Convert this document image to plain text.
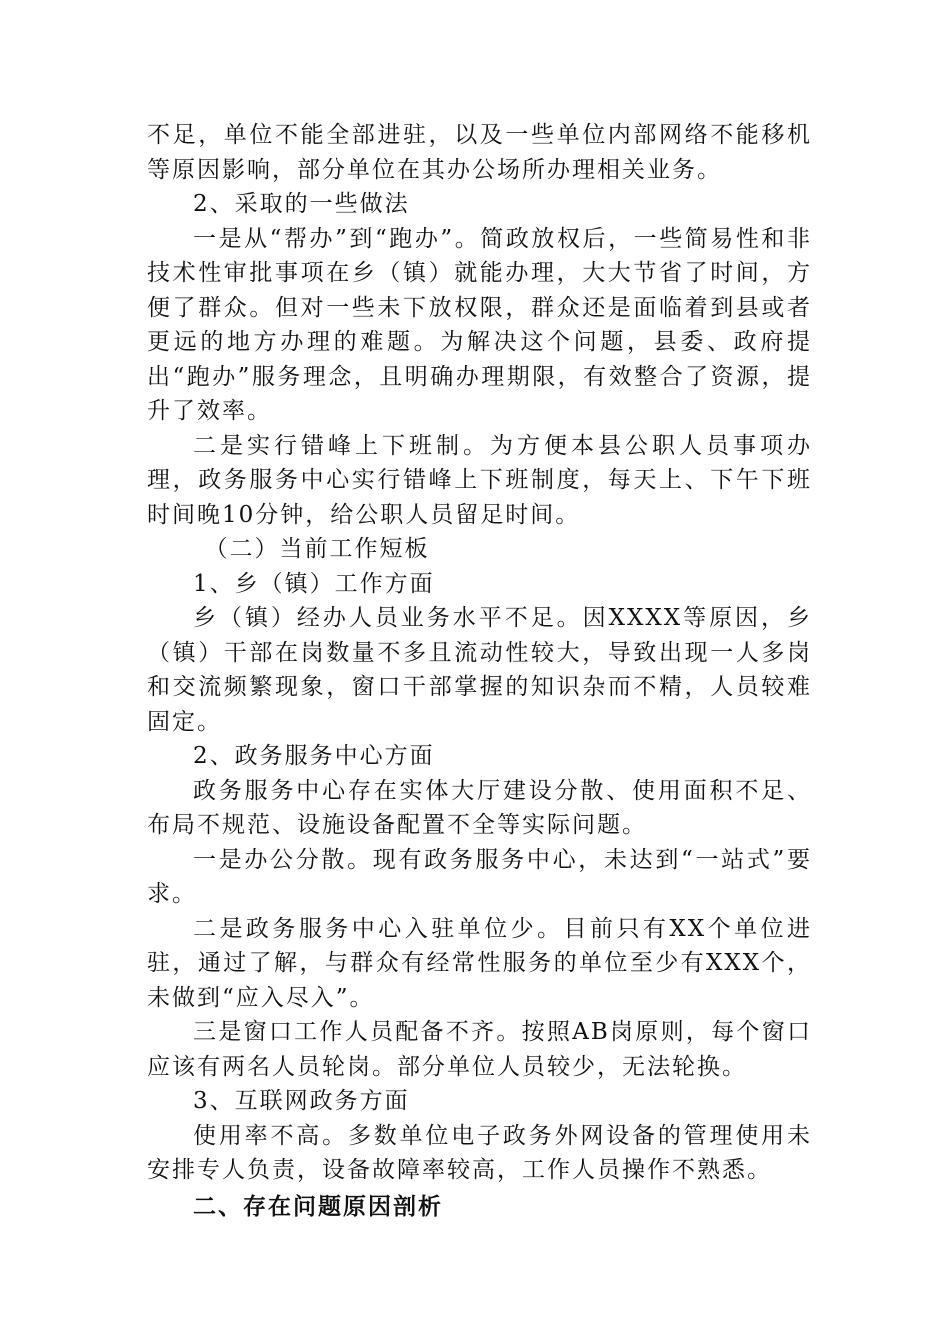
不足，单位不能全部进驻，以及一些单位内部网络不能移机等原因影响，部分单位在其办公场所办理相关业务。

2、采取的一些做法

一是从“帮办”到“跑办”。简政放权后，一些简易性和非技术性审批事项在乡（镇）就能办理，大大节省了时间，方便了群众。但对一些未下放权限，群众还是面临着到县或者更远的地方办理的难题。为解决这个问题，县委、政府提出“跑办”服务理念，且明确办理期限，有效整合了资源，提升了效率。

二是实行错峰上下班制。为方便本县公职人员事项办理，政务服务中心实行错峰上下班制度，每天上、下午下班时间晚10分钟，给公职人员留足时间。

（二）当前工作短板

1、乡（镇）工作方面

乡（镇）经办人员业务水平不足。因XXXX等原因，乡（镇）干部在岗数量不多且流动性较大，导致出现一人多岗和交流频繁现象，窗口干部掌握的知识杂而不精，人员较难固定。

2、政务服务中心方面

政务服务中心存在实体大厅建设分散、使用面积不足、布局不规范、设施设备配置不全等实际问题。

一是办公分散。现有政务服务中心，未达到“一站式”要求。

二是政务服务中心入驻单位少。目前只有XX个单位进驻，通过了解，与群众有经常性服务的单位至少有XXX个，未做到“应入尽入”。

三是窗口工作人员配备不齐。按照AB岗原则，每个窗口应该有两名人员轮岗。部分单位人员较少，无法轮换。

3、互联网政务方面

使用率不高。多数单位电子政务外网设备的管理使用未安排专人负责，设备故障率较高，工作人员操作不熟悉。

二、存在问题原因剖析
